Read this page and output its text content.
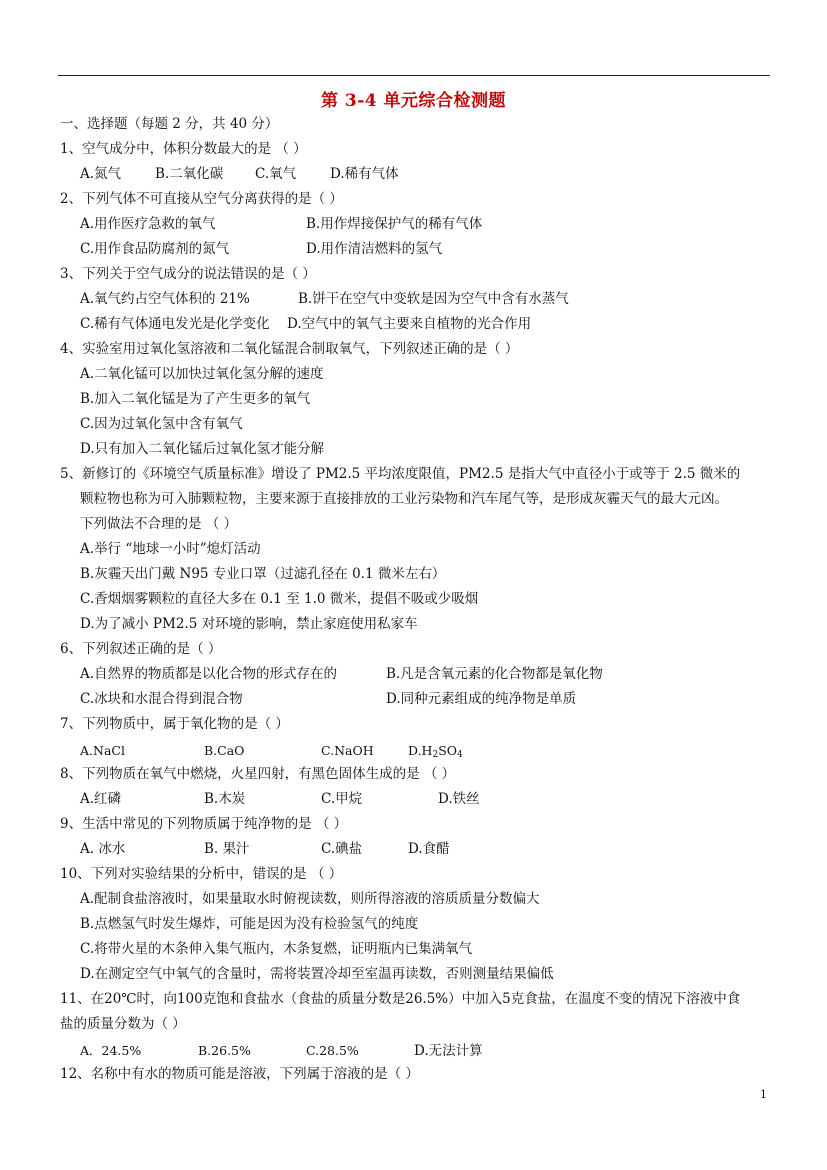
第 3-4 单元综合检测题
一、选择题（每题 2 分，共 40 分）
1、空气成分中，体积分数最大的是 （ ）
A.氮气	B.二氧化碳 C.氧气	D.稀有气体
2、下列气体不可直接从空气分离获得的是（ ）
A.用作医疗急救的氧气	B.用作焊接保护气的稀有气体
C.用作食品防腐剂的氮气	D.用作清洁燃料的氢气
3、下列关于空气成分的说法错误的是（ ）
A.氧气约占空气体积的 21%	B.饼干在空气中变软是因为空气中含有水蒸气
C.稀有气体通电发光是化学变化 D.空气中的氧气主要来自植物的光合作用
4、实验室用过氧化氢溶液和二氧化锰混合制取氧气，下列叙述正确的是（ ）
A.二氧化锰可以加快过氧化氢分解的速度
B.加入二氧化锰是为了产生更多的氧气
C.因为过氧化氢中含有氧气
D.只有加入二氧化锰后过氧化氢才能分解
5、新修订的《环境空气质量标准》增设了 PM2.5 平均浓度限值，PM2.5 是指大气中直径小于或等于 2.5 微米的
颗粒物也称为可入肺颗粒物，主要来源于直接排放的工业污染物和汽车尾气等，是形成灰霾天气的最大元凶。
下列做法不合理的是 （ ）
A.举行 “地球一小时”熄灯活动
B.灰霾天出门戴 N95 专业口罩（过滤孔径在 0.1 微米左右）
C.香烟烟雾颗粒的直径大多在 0.1 至 1.0 微米，提倡不吸或少吸烟
D.为了减小 PM2.5 对环境的影响，禁止家庭使用私家车
6、下列叙述正确的是（ ）
A.自然界的物质都是以化合物的形式存在的	B.凡是含氧元素的化合物都是氧化物
C.冰块和水混合得到混合物	D.同种元素组成的纯净物是单质
7、下列物质中，属于氧化物的是（ ）
A.NaCl	B.CaO	C.NaOH	$D.H_2SO_4$
8、下列物质在氧气中燃烧，火星四射，有黑色固体生成的是 （ ）
A.红磷	B.木炭	C.甲烷	D.铁丝
9、生活中常见的下列物质属于纯净物的是 （ ）
A. 冰水	B. 果汁	C.碘盐	D.食醋
10、下列对实验结果的分析中，错误的是 （ ）
A.配制食盐溶液时，如果量取水时俯视读数，则所得溶液的溶质质量分数偏大
B.点燃氢气时发生爆炸，可能是因为没有检验氢气的纯度
C.将带火星的木条伸入集气瓶内，木条复燃，证明瓶内已集满氧气
D.在测定空气中氧气的含量时，需将装置冷却至室温再读数，否则测量结果偏低
11、在20℃时，向100克饱和食盐水（食盐的质量分数是26.5%）中加入5克食盐，在温度不变的情况下溶液中食
盐的质量分数为（ ）
A．24.5%	B.26.5%	C.28.5%	D.无法计算
12、名称中有水的物质可能是溶液，下列属于溶液的是（ ）
1
